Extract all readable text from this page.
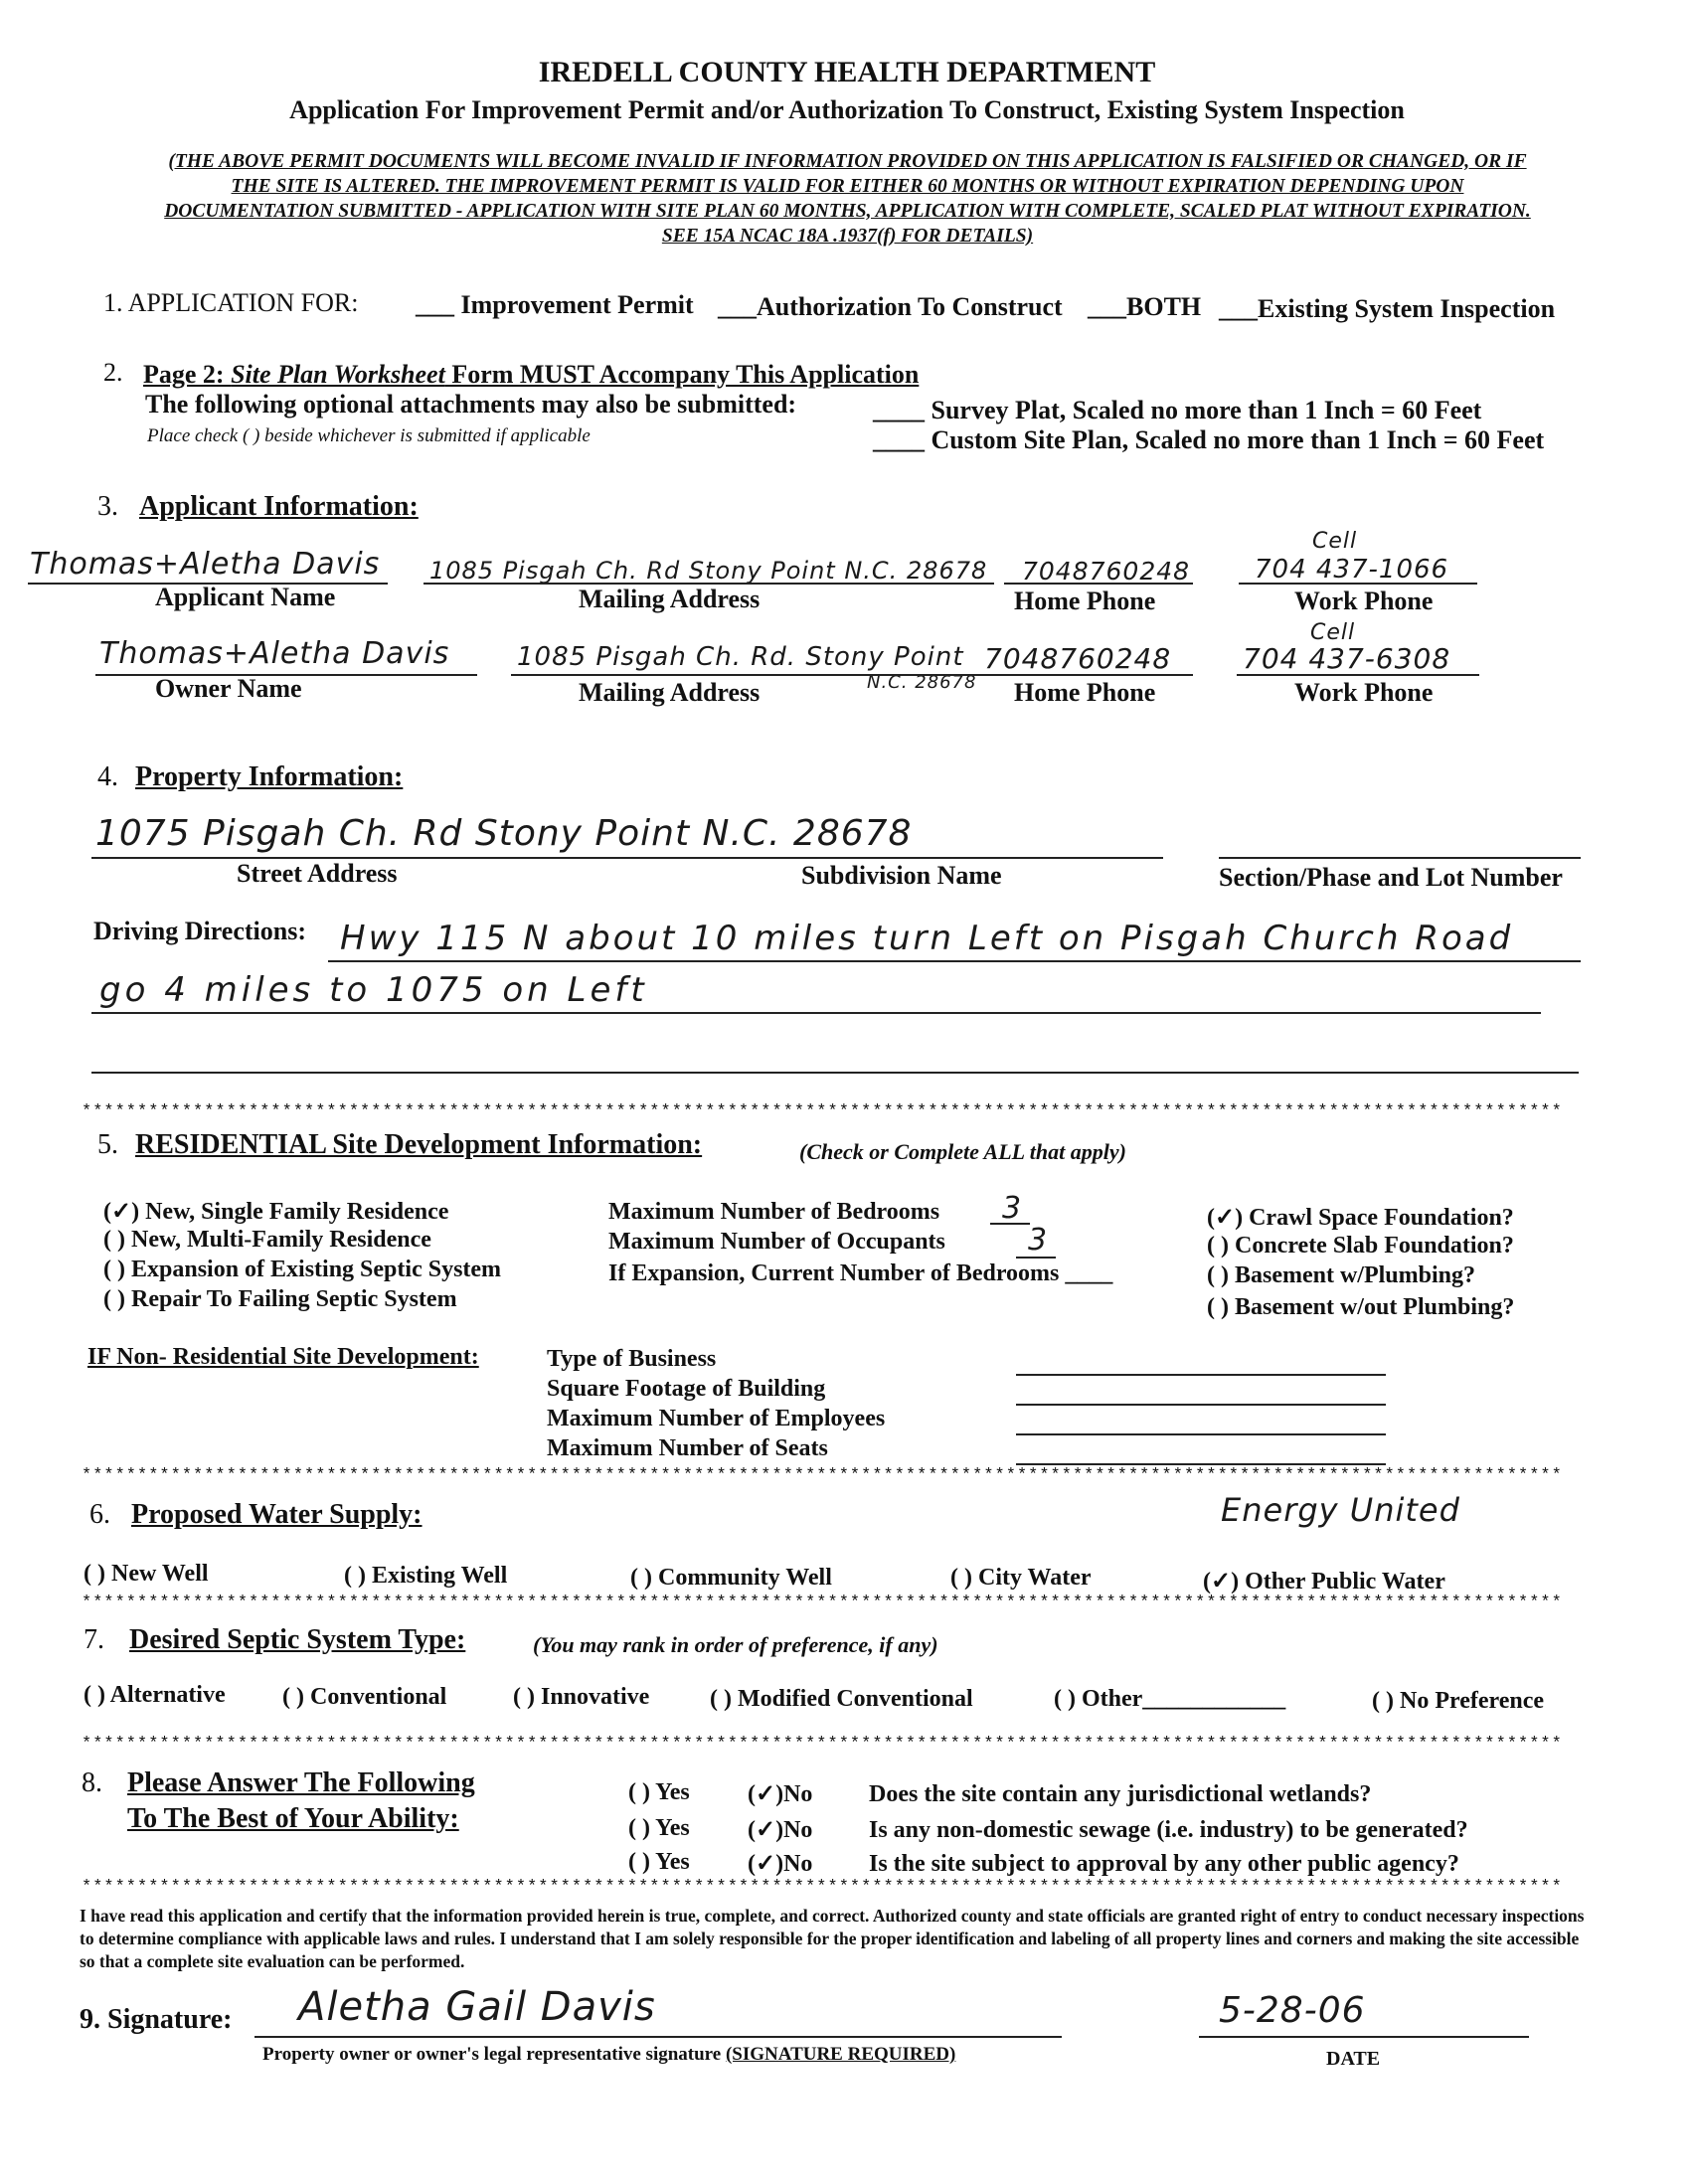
IREDELL COUNTY HEALTH DEPARTMENT
Application For Improvement Permit and/or Authorization To Construct, Existing System Inspection
(THE ABOVE PERMIT DOCUMENTS WILL BECOME INVALID IF INFORMATION PROVIDED ON THIS APPLICATION IS FALSIFIED OR CHANGED, OR IF
THE SITE IS ALTERED. THE IMPROVEMENT PERMIT IS VALID FOR EITHER 60 MONTHS OR WITHOUT EXPIRATION DEPENDING UPON
DOCUMENTATION SUBMITTED - APPLICATION WITH SITE PLAN 60 MONTHS, APPLICATION WITH COMPLETE, SCALED PLAT WITHOUT EXPIRATION.
SEE 15A NCAC 18A .1937(f) FOR DETAILS)
1. APPLICATION FOR: ___ Improvement Permit ___Authorization To Construct ___BOTH ___Existing System Inspection
2. Page 2: Site Plan Worksheet Form MUST Accompany This Application
The following optional attachments may also be submitted:
Place check ( ) beside whichever is submitted if applicable
____ Survey Plat, Scaled no more than 1 Inch = 60 Feet
____ Custom Site Plan, Scaled no more than 1 Inch = 60 Feet
3. Applicant Information:
Thomas+Aletha Davis 1085 Pisgah Ch. Rd Stony Point N.C. 28678 7048760248
Cell
704 437-1066
Applicant Name	Mailing Address	Home Phone	Work Phone
Thomas+Aletha Davis	1085 Pisgah Ch. Rd. Stony Point
N.C. 28678
7048760248
Cell
704 437-6308
Owner Name	Mailing Address	Home Phone	Work Phone
4. Property Information:
1075 Pisgah Ch. Rd Stony Point N.C. 28678
Street Address	Subdivision Name	Section/Phase and Lot Number
Driving Directions: Hwy 115 N about 10 miles turn Left on Pisgah Church Road
go 4 miles to 1075 on Left
*************************************************************************************************************************************
5. RESIDENTIAL Site Development Information:	(Check or Complete ALL that apply)
(✓) New, Single Family Residence
( ) New, Multi-Family Residence
( ) Expansion of Existing Septic System
( ) Repair To Failing Septic System
Maximum Number of Bedrooms 3
Maximum Number of Occupants	3
If Expansion, Current Number of Bedrooms ____
(✓) Crawl Space Foundation?
( ) Concrete Slab Foundation?
( ) Basement w/Plumbing?
( ) Basement w/out Plumbing?
IF Non- Residential Site Development:	Type of Business
Square Footage of Building
Maximum Number of Employees
Maximum Number of Seats
*************************************************************************************************************************************
6. Proposed Water Supply:	Energy United
( ) New Well	( ) Existing Well	( ) Community Well	( ) City Water	(✓) Other Public Water
*************************************************************************************************************************************
7. Desired Septic System Type:	(You may rank in order of preference, if any)
( ) Alternative ( ) Conventional	( ) Innovative	( ) Modified Conventional	( ) Other____________	( ) No Preference
*************************************************************************************************************************************
8. Please Answer The Following
To The Best of Your Ability:
( ) Yes (✓)No Does the site contain any jurisdictional wetlands?
( ) Yes (✓)No Is any non-domestic sewage (i.e. industry) to be generated?
( ) Yes (✓)No Is the site subject to approval by any other public agency?
*************************************************************************************************************************************
I have read this application and certify that the information provided herein is true, complete, and correct. Authorized county and state officials are granted right of entry to conduct necessary inspections to determine compliance with applicable laws and rules. I understand that I am solely responsible for the proper identification and labeling of all property lines and corners and making the site accessible so that a complete site evaluation can be performed.
9. Signature: Aletha Gail Davis	5-28-06
Property owner or owner's legal representative signature (SIGNATURE REQUIRED)	DATE
